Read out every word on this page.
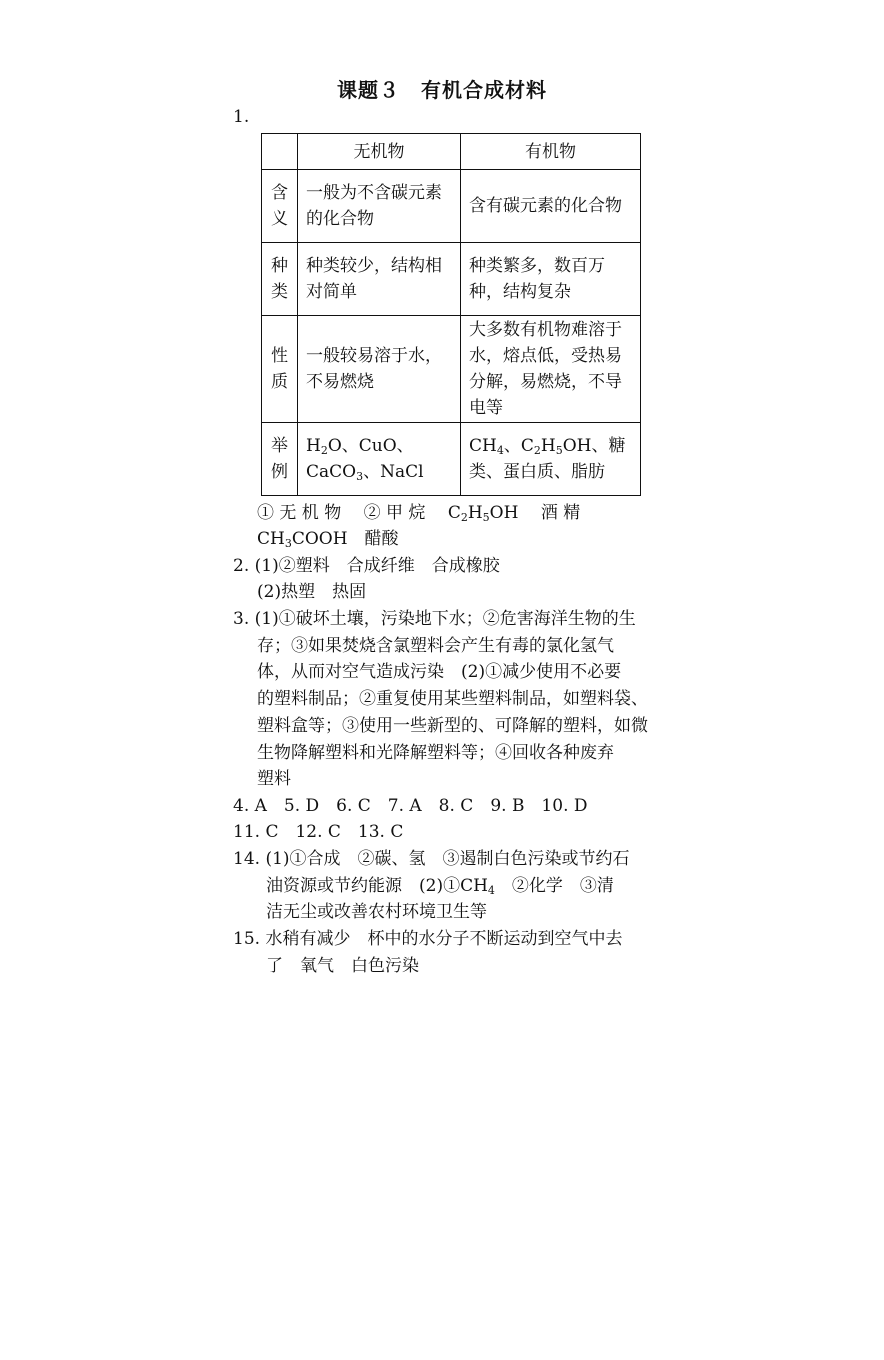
课题３　有机合成材料
1.
	无机物	有机物
含义	一般为不含碳元素的化合物	含有碳元素的化合物
种类	种类较少，结构相对简单	种类繁多，数百万种，结构复杂
性质	一般较易溶于水，不易燃烧	大多数有机物难溶于水，熔点低，受热易分解，易燃烧，不导电等
举例	$H_2O$、CuO、CaCO$_3$、NaCl	$CH_4$、$C_2H_5OH$、糖类、蛋白质、脂肪
① 无 机 物　 ② 甲 烷　 $C_2H_5OH$　 酒 精
$CH_3COOH$　醋酸
2. (1)②塑料　合成纤维　合成橡胶
(2)热塑　热固
3. (1)①破坏土壤，污染地下水；②危害海洋生物的生
存；③如果焚烧含氯塑料会产生有毒的氯化氢气
体，从而对空气造成污染　(2)①减少使用不必要
的塑料制品；②重复使用某些塑料制品，如塑料袋、
塑料盒等；③使用一些新型的、可降解的塑料，如微
生物降解塑料和光降解塑料等；④回收各种废弃
塑料
4. A　5. D　6. C　7. A　8. C　9. B　10. D
11. C　12. C　13. C
14. (1)①合成　②碳、氢　③遏制白色污染或节约石
油资源或节约能源　$(2)①CH_4$　②化学　③清
洁无尘或改善农村环境卫生等
15. 水稍有减少　杯中的水分子不断运动到空气中去
了　氧气　白色污染
